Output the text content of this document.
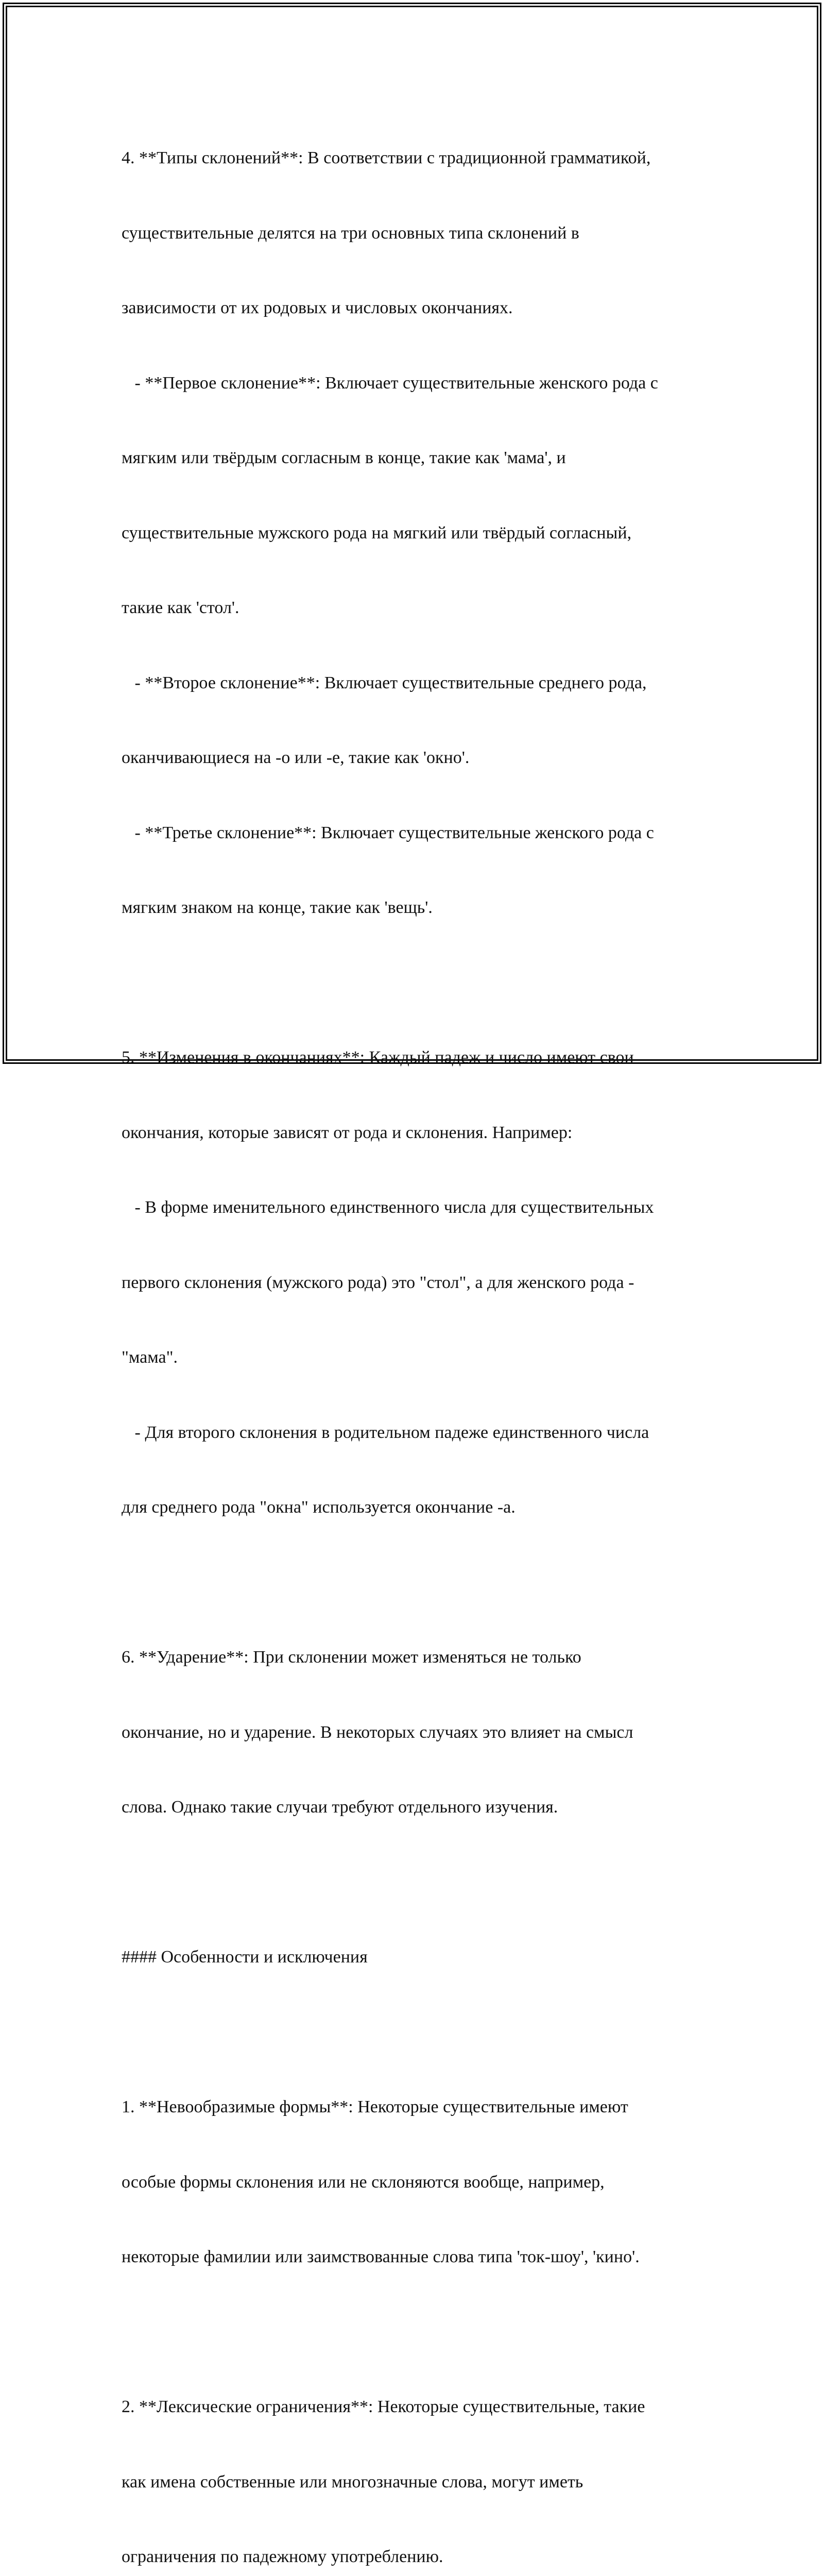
4. **Типы склонений**: В соответствии с традиционной грамматикой,

существительные делятся на три основных типа склонений в

зависимости от их родовых и числовых окончаниях.

- **Первое склонение**: Включает существительные женского рода с

мягким или твёрдым согласным в конце, такие как 'мама', и

существительные мужского рода на мягкий или твёрдый согласный,

такие как 'стол'.

- **Второе склонение**: Включает существительные среднего рода,

оканчивающиеся на -о или -е, такие как 'окно'.

- **Третье склонение**: Включает существительные женского рода с

мягким знаком на конце, такие как 'вещь'.

5. **Изменения в окончаниях**: Каждый падеж и число имеют свои

окончания, которые зависят от рода и склонения. Например:

- В форме именительного единственного числа для существительных

первого склонения (мужского рода) это "стол", а для женского рода -

"мама".

- Для второго склонения в родительном падеже единственного числа

для среднего рода "окна" используется окончание -а.

6. **Ударение**: При склонении может изменяться не только

окончание, но и ударение. В некоторых случаях это влияет на смысл

слова. Однако такие случаи требуют отдельного изучения.

#### Особенности и исключения

1. **Невообразимые формы**: Некоторые существительные имеют

особые формы склонения или не склоняются вообще, например,

некоторые фамилии или заимствованные слова типа 'ток-шоу', 'кино'.

2. **Лексические ограничения**: Некоторые существительные, такие

как имена собственные или многозначные слова, могут иметь

ограничения по падежному употреблению.
